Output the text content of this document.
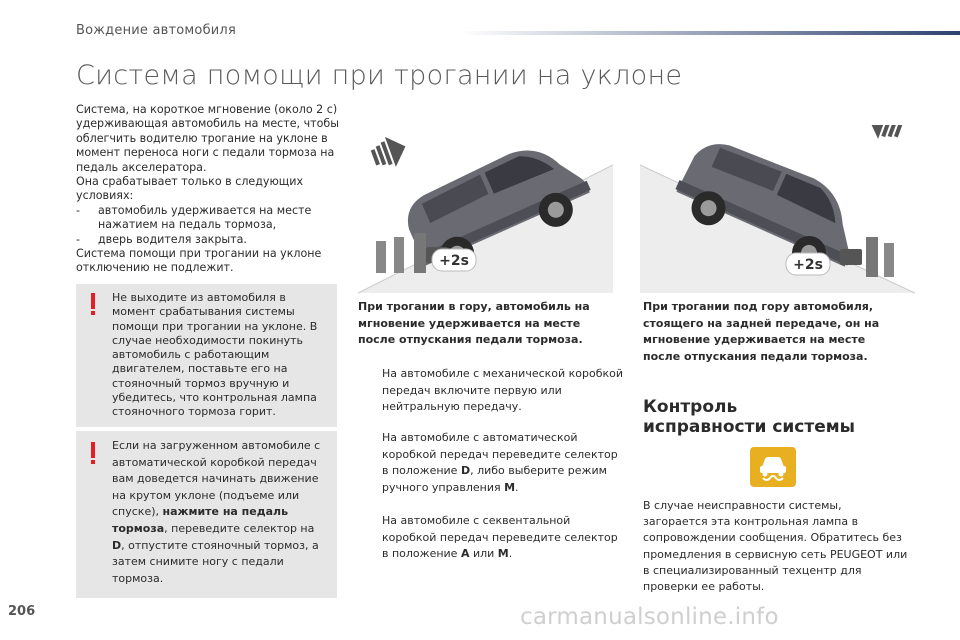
Вождение автомобиля
Система помощи при трогании на уклоне

Система, на короткое мгновение (около 2 с) удерживающая автомобиль на месте, чтобы облегчить водителю трогание на уклоне в момент переноса ноги с педали тормоза на педаль акселератора.

Она срабатывает только в следующих условиях:

-	автомобиль удерживается на месте нажатием на педаль тормоза,
-	дверь водителя закрыта.

Система помощи при трогании на уклоне отключению не подлежит.

Не выходите из автомобиля в момент срабатывания системы помощи при трогании на уклоне. В случае необходимости покинуть автомобиль с работающим двигателем, поставьте его на стояночный тормоз вручную и убедитесь, что контрольная лампа стояночного тормоза горит.
Если на загруженном автомобиле с автоматической коробкой передач вам доведется начинать движение на крутом уклоне (подъеме или спуске), нажмите на педаль тормоза, переведите селектор на D, отпустите стояночный тормоз, а затем снимите ногу с педали тормоза.
+2s	+2s
При трогании в гору, автомобиль на мгновение удерживается на месте после отпускания педали тормоза.
При трогании под гору автомобиля, стоящего на задней передаче, он на мгновение удерживается на месте после отпускания педали тормоза.
На автомобиле с механической коробкой передач включите первую или нейтральную передачу.
На автомобиле с автоматической коробкой передач переведите селектор в положение D, либо выберите режим ручного управления M.
На автомобиле с секвентальной коробкой передач переведите селектор в положение A или M.
Контроль
исправности системы
В случае неисправности системы, загорается эта контрольная лампа в сопровождении сообщения. Обратитесь без промедления в сервисную сеть PEUGEOT или в специализированный техцентр для проверки ее работы.
206	carmanualsonline.info
